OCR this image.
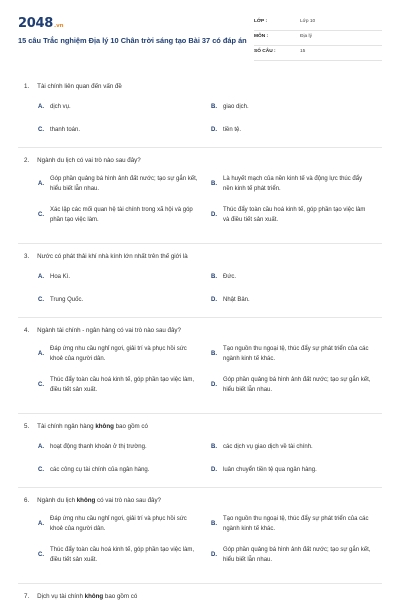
2048.vn
15 câu Trắc nghiệm Địa lý 10 Chân trời sáng tạo Bài 37 có đáp án
LỚP :	Lớp 10
MÔN :	Địa lý
SỐ CÂU :	15
1. Tài chính liên quan đến vấn đề
A. dịch vụ.	B. giao dịch.
C. thanh toán.	D. tiền tệ.
2. Ngành du lịch có vai trò nào sau đây?
A.
Góp phần quảng bá hình ảnh đất nước; tạo sự gắn kết, hiểu biết lẫn nhau.
B.
Là huyết mạch của nền kinh tế và động lực thúc đẩy nền kinh tế phát triển.
C.
Xác lập các mối quan hệ tài chính trong xã hội và góp phần tạo việc làm.
D.
Thúc đẩy toàn cầu hoá kinh tế, góp phần tạo việc làm và điều tiết sản xuất.
3. Nước có phát thải khí nhà kính lớn nhất trên thế giới là
A. Hoa Kì.	B. Đức.
C. Trung Quốc.	D. Nhật Bản.
4. Ngành tài chính - ngân hàng có vai trò nào sau đây?
A.
Đáp ứng nhu cầu nghỉ ngơi, giải trí và phục hồi sức khoẻ của người dân.
B.
Tạo nguồn thu ngoại tệ, thúc đẩy sự phát triển của các ngành kinh tế khác.
C.
Thúc đẩy toàn cầu hoá kinh tế, góp phần tạo việc làm, điều tiết sản xuất.
D.
Góp phần quảng bá hình ảnh đất nước; tạo sự gắn kết, hiểu biết lẫn nhau.
5. Tài chính ngân hàng không bao gồm có
A. hoạt động thanh khoản ở thị trường.	B. các dịch vụ giao dịch về tài chính.
C. các công cụ tài chính của ngân hàng.	D. luân chuyển tiền tệ qua ngân hàng.
6. Ngành du lịch không có vai trò nào sau đây?
A.
Đáp ứng nhu cầu nghỉ ngơi, giải trí và phục hồi sức khoẻ của người dân.
B.
Tạo nguồn thu ngoại tệ, thúc đẩy sự phát triển của các ngành kinh tế khác.
C.
Thúc đẩy toàn cầu hoá kinh tế, góp phần tạo việc làm, điều tiết sản xuất.
D.
Góp phần quảng bá hình ảnh đất nước; tạo sự gắn kết, hiểu biết lẫn nhau.
7. Dịch vụ tài chính không bao gồm có
